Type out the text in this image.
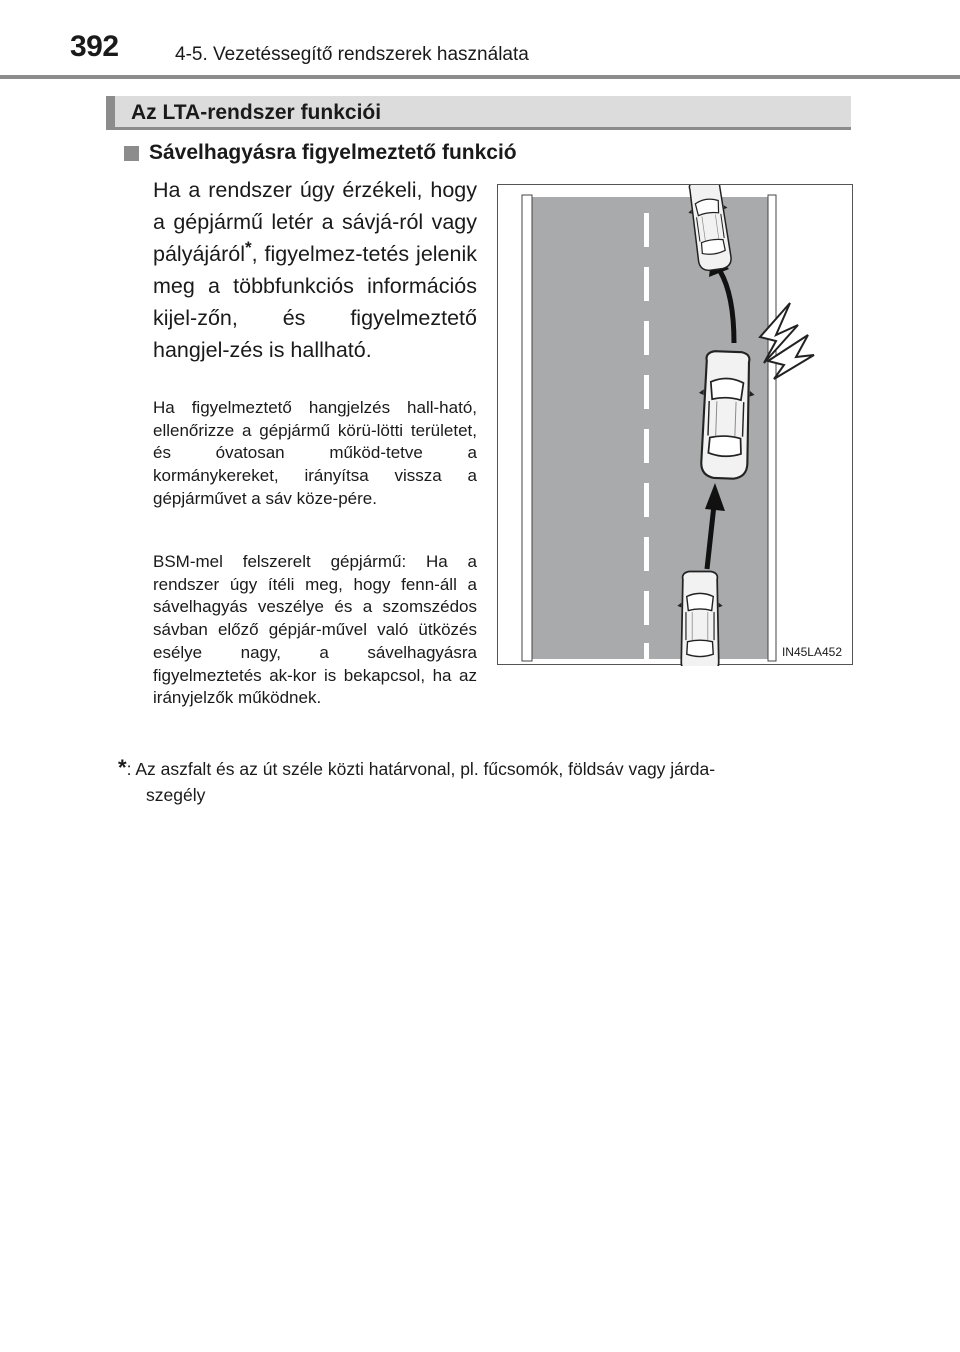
392	4-5. Vezetéssegítő rendszerek használata
Az LTA-rendszer funkciói
Sávelhagyásra figyelmeztető funkció

Ha a rendszer úgy érzékeli, hogy a gépjármű letér a sávjá-ról vagy pályájáról*, figyelmez-tetés jelenik meg a többfunkciós információs kijel-zőn, és figyelmeztető hangjel-zés is hallható.

Ha figyelmeztető hangjelzés hall-ható, ellenőrizze a gépjármű körü-lötti területet, és óvatosan működ-tetve a kormánykereket, irányítsa vissza a gépjárművet a sáv köze-pére.

BSM-mel felszerelt gépjármű: Ha a rendszer úgy ítéli meg, hogy fenn-áll a sávelhagyás veszélye és a szomszédos sávban előző gépjár-művel való ütközés esélye nagy, a sávelhagyásra figyelmeztetés ak-kor is bekapcsol, ha az irányjelzők működnek.

IN45LA452
*: Az aszfalt és az út széle közti határvonal, pl. fűcsomók, földsáv vagy járda-
szegély
